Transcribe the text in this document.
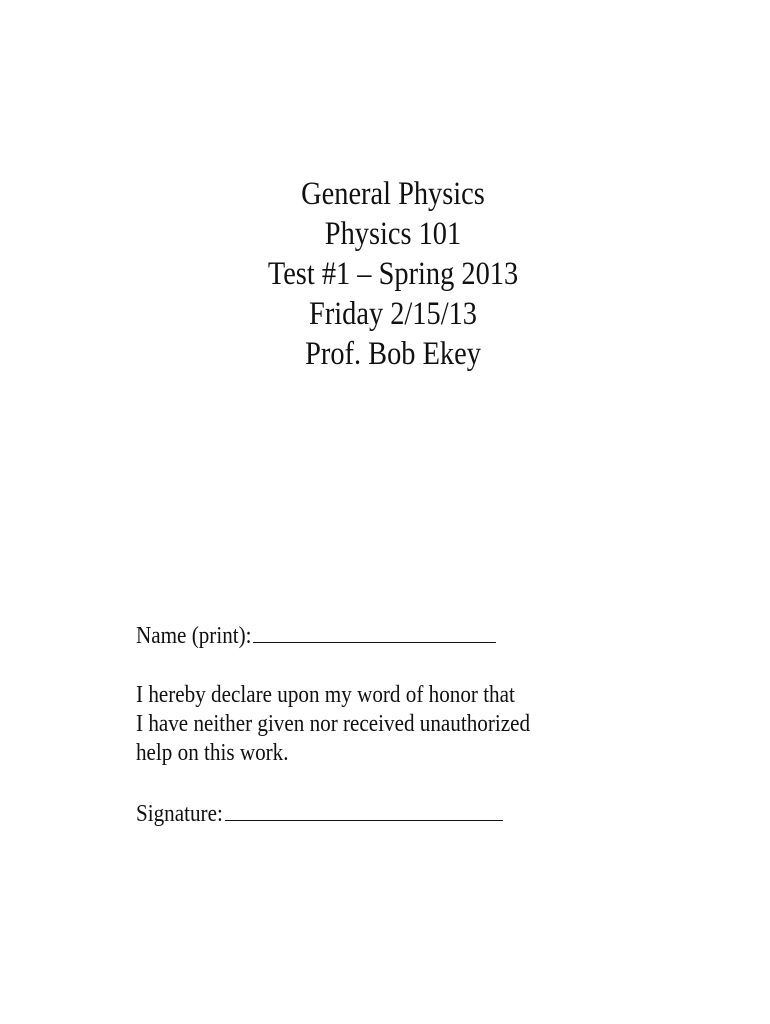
General Physics
Physics 101
Test #1 – Spring 2013
Friday 2/15/13
Prof. Bob Ekey
Name (print):
I hereby declare upon my word of honor that
I have neither given nor received unauthorized
help on this work.
Signature:
